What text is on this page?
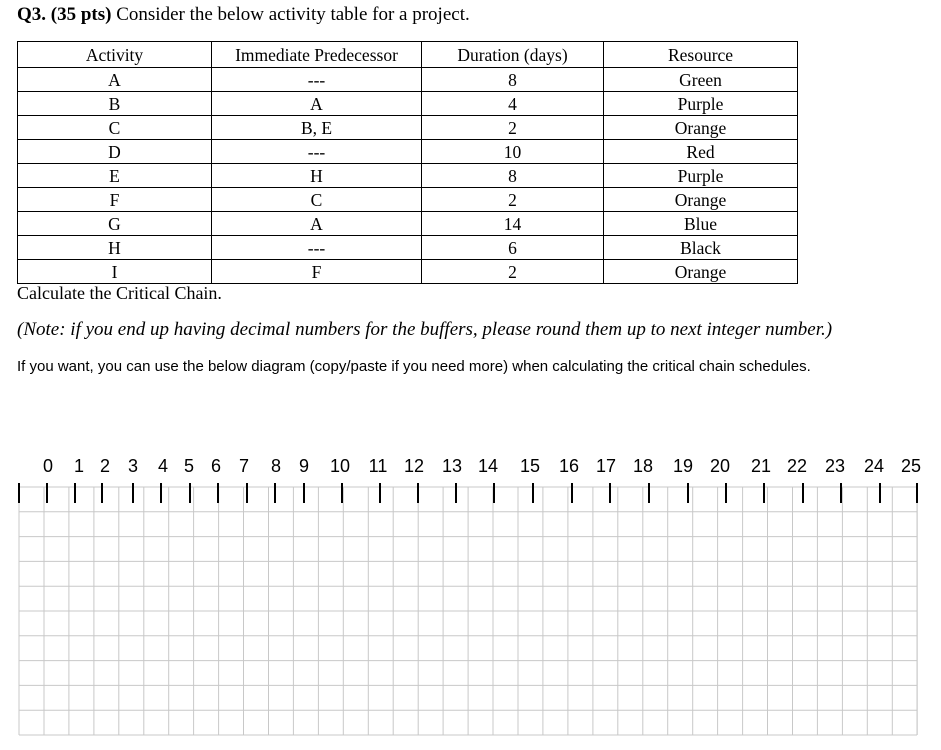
Q3. (35 pts) Consider the below activity table for a project.
Activity	Immediate Predecessor	Duration (days)	Resource
A	---	8	Green
B	A	4	Purple
C	B, E	2	Orange
D	---	10	Red
E	H	8	Purple
F	C	2	Orange
G	A	14	Blue
H	---	6	Black
I	F	2	Orange
Calculate the Critical Chain.
(Note: if you end up having decimal numbers for the buffers, please round them up to next integer number.)
If you want, you can use the below diagram (copy/paste if you need more) when calculating the critical chain schedules.
0 1 2 3 4 5 6 7 8 9 10 11 12 13 14 15 16 17 18 19 20 21 22 23 24 25
